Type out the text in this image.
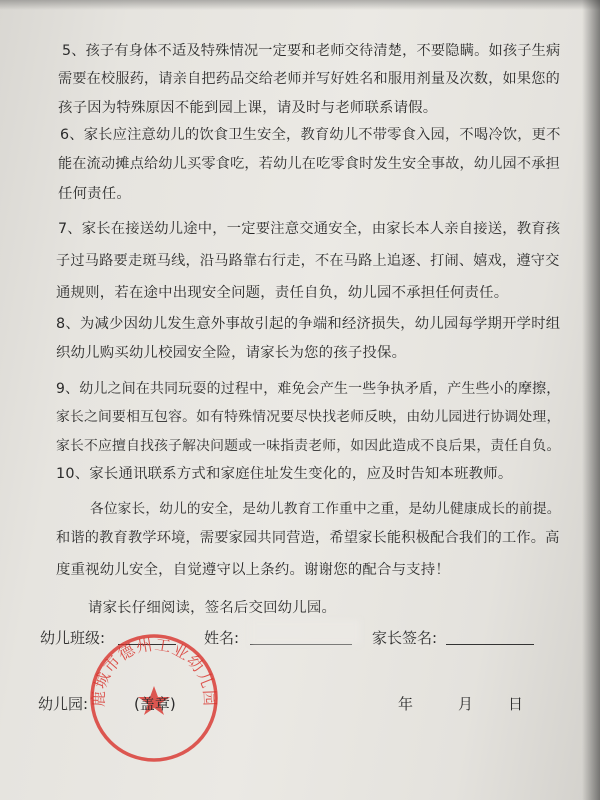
5、孩子有身体不适及特殊情况一定要和老师交待清楚，不要隐瞒。如孩子生病
需要在校服药，请亲自把药品交给老师并写好姓名和服用剂量及次数，如果您的
孩子因为特殊原因不能到园上课，请及时与老师联系请假。
6、家长应注意幼儿的饮食卫生安全，教育幼儿不带零食入园，不喝冷饮，更不
能在流动摊点给幼儿买零食吃，若幼儿在吃零食时发生安全事故，幼儿园不承担
任何责任。
7、家长在接送幼儿途中，一定要注意交通安全，由家长本人亲自接送，教育孩
子过马路要走斑马线，沿马路靠右行走，不在马路上追逐、打闹、嬉戏，遵守交
通规则，若在途中出现安全问题，责任自负，幼儿园不承担任何责任。
8、为减少因幼儿发生意外事故引起的争端和经济损失，幼儿园每学期开学时组
织幼儿购买幼儿校园安全险，请家长为您的孩子投保。
9、幼儿之间在共同玩耍的过程中，难免会产生一些争执矛盾，产生些小的摩擦，
家长之间要相互包容。如有特殊情况要尽快找老师反映，由幼儿园进行协调处理，
家长不应擅自找孩子解决问题或一味指责老师，如因此造成不良后果，责任自负。
10、家长通讯联系方式和家庭住址发生变化的，应及时告知本班教师。
各位家长，幼儿的安全，是幼儿教育工作重中之重，是幼儿健康成长的前提。
和谐的教育教学环境，需要家园共同营造，希望家长能积极配合我们的工作。高
度重视幼儿安全，自觉遵守以上条约。谢谢您的配合与支持！
请家长仔细阅读，签名后交回幼儿园。
幼儿班级:	姓名:	家长签名:
鹿城市德州工业幼儿园
幼儿园:	(盖章)	年	月 日
